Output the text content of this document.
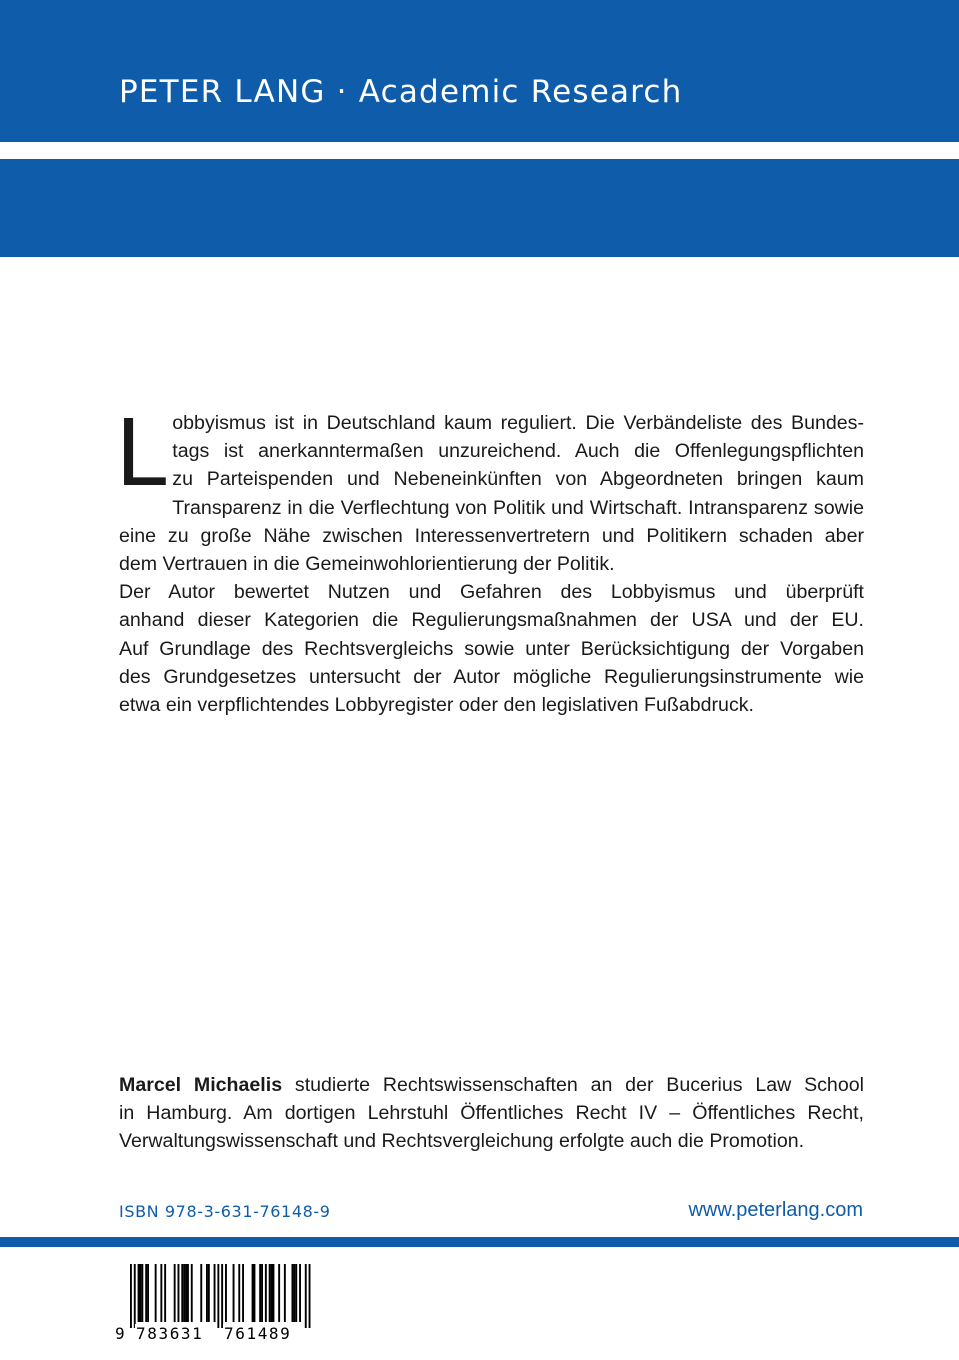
PETER LANG · Academic Research
II / 6028
L obbyismus ist in Deutschland kaum reguliert. Die Verbändeliste des Bundes-
tags ist anerkanntermaßen unzureichend. Auch die Offenlegungspflichten
zu Parteispenden und Nebeneinkünften von Abgeordneten bringen kaum
Transparenz in die Verflechtung von Politik und Wirtschaft. Intransparenz sowie
eine zu große Nähe zwischen Interessenvertretern und Politikern schaden aber
dem Vertrauen in die Gemeinwohlorientierung der Politik.
Der Autor bewertet Nutzen und Gefahren des Lobbyismus und überprüft
anhand dieser Kategorien die Regulierungsmaßnahmen der USA und der EU.
Auf Grundlage des Rechtsvergleichs sowie unter Berücksichtigung der Vorgaben
des Grundgesetzes untersucht der Autor mögliche Regulierungsinstrumente wie
etwa ein verpflichtendes Lobbyregister oder den legislativen Fußabdruck.
Marcel Michaelis studierte Rechtswissenschaften an der Bucerius Law School
in Hamburg. Am dortigen Lehrstuhl Öffentliches Recht IV – Öffentliches Recht,
Verwaltungswissenschaft und Rechtsvergleichung erfolgte auch die Promotion.
ISBN 978-3-631-76148-9	www.peterlang.com
9 783631 761489
